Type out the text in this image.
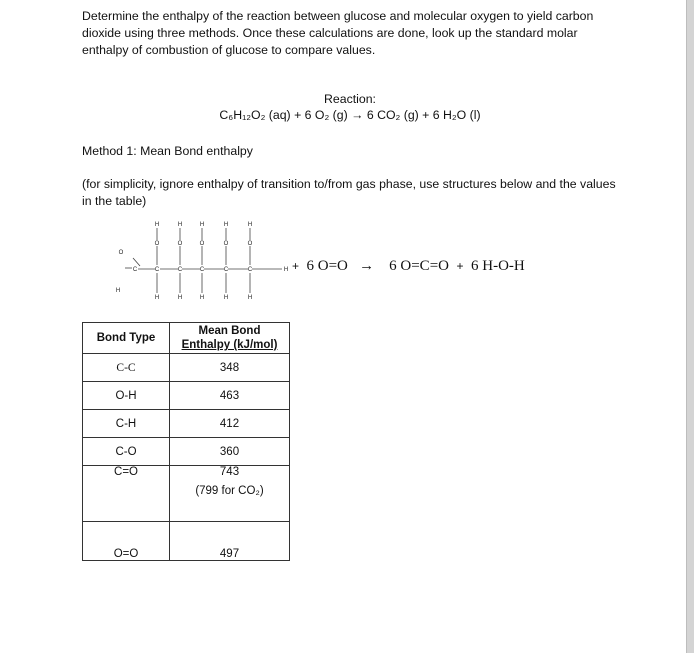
Determine the enthalpy of the reaction between glucose and molecular oxygen to yield carbon dioxide using three methods. Once these calculations are done, look up the standard molar enthalpy of combustion of glucose to compare values.
Reaction:
C₆H₁₂O₂ (aq) + 6 O₂ (g) → 6 CO₂ (g) + 6 H₂O (l)
Method 1: Mean Bond enthalpy
(for simplicity, ignore enthalpy of transition to/from gas phase, use structures below and the values in the table)
O
H
C	C	C	C	C	C	H
H
O
H
H
O
H
H
O
H
H
O
H
H
O
H
+ 6 O=O → 6 O=C=O + 6 H-O-H
Bond Type	Mean Bond
Enthalpy (kJ/mol)
C-C	348
O-H	463
C-H	412
C-O	360
C=O	743
(799 for CO₂)

O=O	497
